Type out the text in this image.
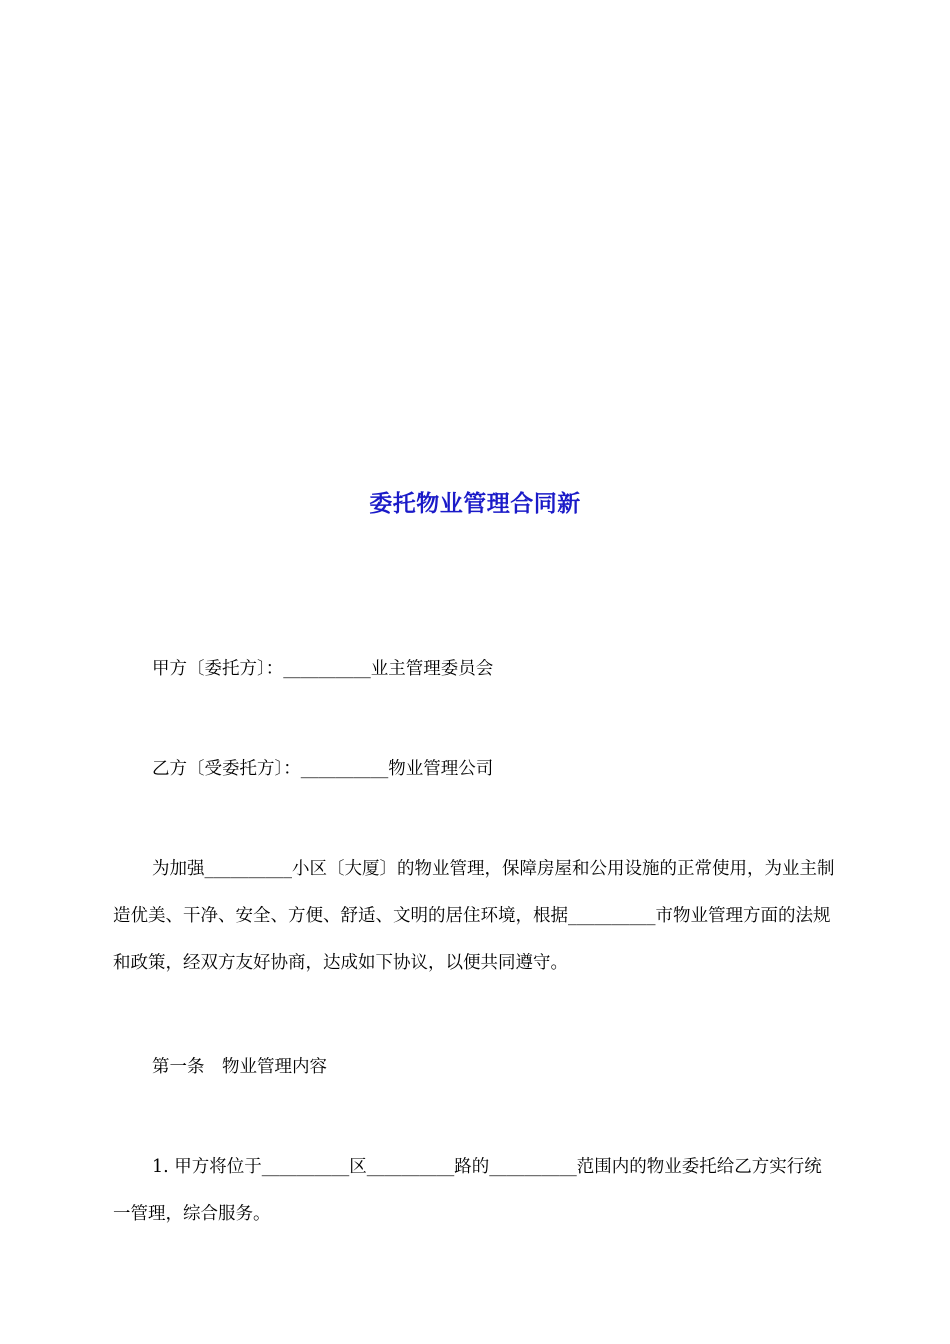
委托物业管理合同新

甲方〔委托方〕：__________业主管理委员会

乙方〔受委托方〕：__________物业管理公司

为加强__________小区〔大厦〕的物业管理，保障房屋和公用设施的正常使用，为业主制造优美、干净、安全、方便、舒适、文明的居住环境，根据__________市物业管理方面的法规和政策，经双方友好协商，达成如下协议，以便共同遵守。

第一条　物业管理内容

1. 甲方将位于__________区__________路的__________范围内的物业委托给乙方实行统一管理，综合服务。
